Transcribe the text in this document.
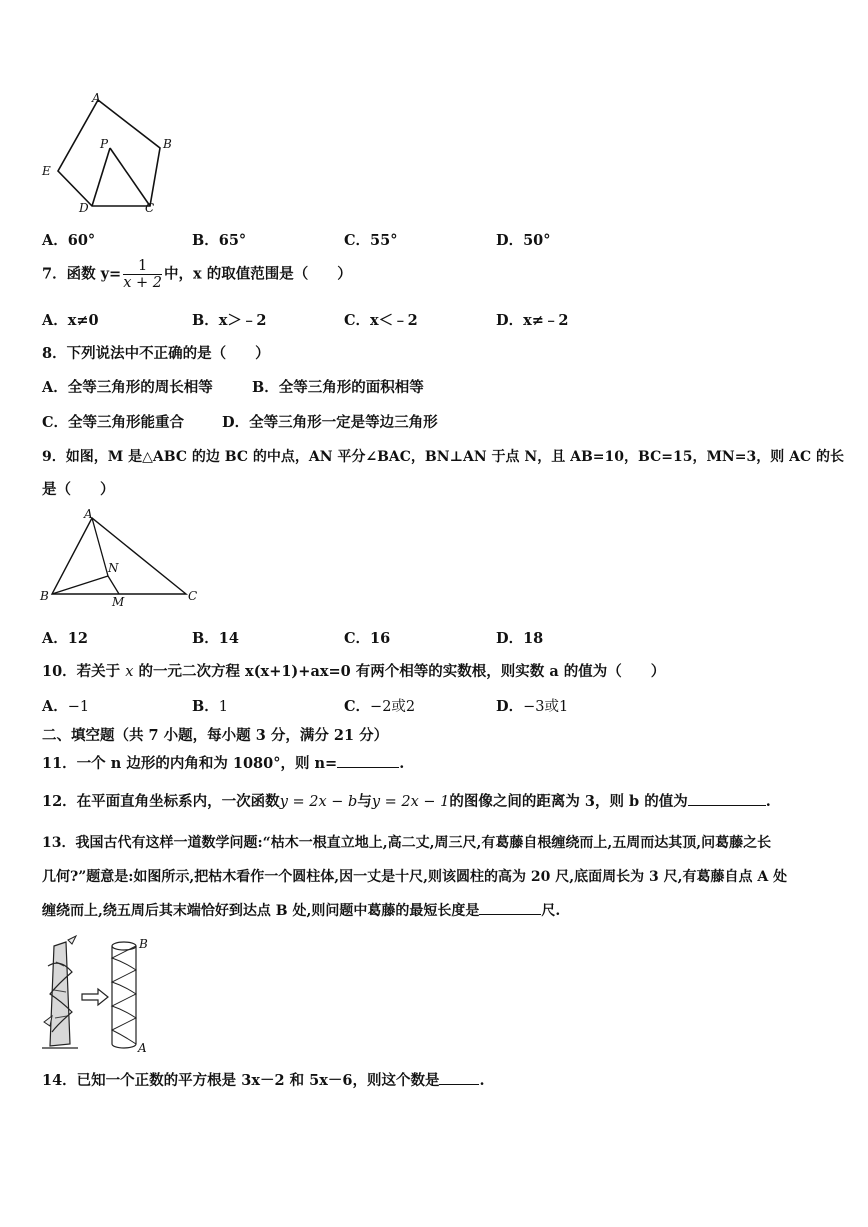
A
B
C
D
E
P
A．60°	B．65°	C．55°	D．50°
7．函数 $y= \frac{1}{x + 2}$ 中，x 的取值范围是（　　）
A．x≠0	B．x＞﹣2	C．x＜﹣2	D．x≠﹣2
8．下列说法中不正确的是（　　）
A．全等三角形的周长相等	B．全等三角形的面积相等
C．全等三角形能重合	D．全等三角形一定是等边三角形
9．如图，M 是△ABC 的边 BC 的中点，AN 平分∠BAC，BN⊥AN 于点 N，且 AB=10，BC=15，MN=3，则 AC 的长
是（　　）
A
B	C
M
N
A．12	B．14	C．16	D．18
10．若关于 x 的一元二次方程 x(x+1)+ax=0 有两个相等的实数根，则实数 a 的值为（　　）
A．−1	B．1	C．−2或2	D．−3或1
二、填空题（共 7 小题，每小题 3 分，满分 21 分）
11．一个 n 边形的内角和为 1080°，则 n=	.
12．在平面直角坐标系内，一次函数y = 2x − b与y = 2x − 1的图像之间的距离为 3，则 b 的值为	.
13．我国古代有这样一道数学问题:“枯木一根直立地上,高二丈,周三尺,有葛藤自根缠绕而上,五周而达其顶,问葛藤之长
几何?”题意是:如图所示,把枯木看作一个圆柱体,因一丈是十尺,则该圆柱的高为 20 尺,底面周长为 3 尺,有葛藤自点 A 处
缠绕而上,绕五周后其末端恰好到达点 B 处,则问题中葛藤的最短长度是	尺.
B
A
14．已知一个正数的平方根是 3x－2 和 5x－6，则这个数是	.
